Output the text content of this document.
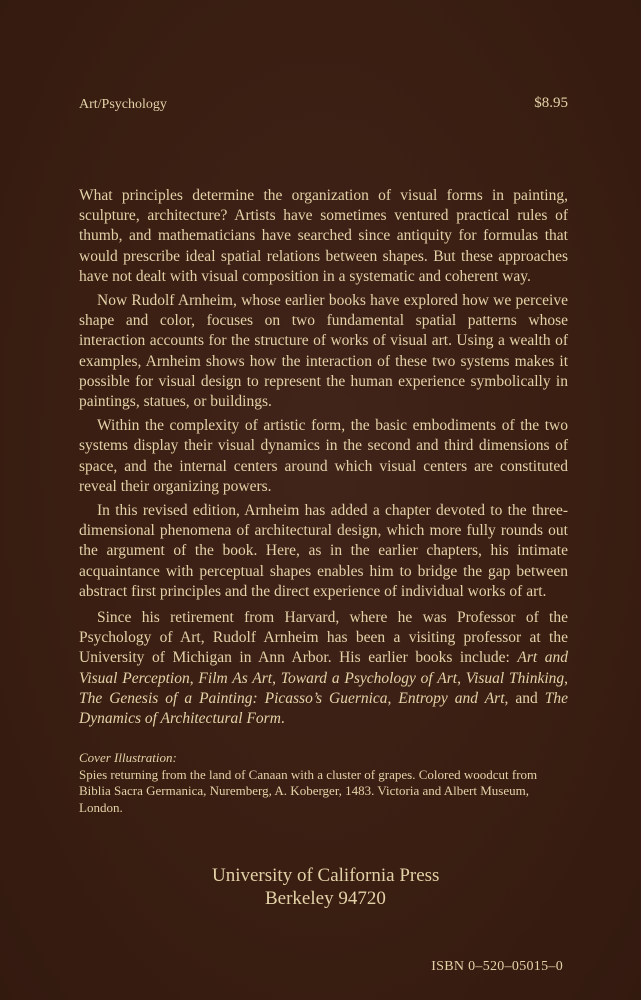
Art/Psychology	$8.95

What principles determine the organization of visual forms in painting, sculpture, architecture? Artists have sometimes ventured practical rules of thumb, and mathematicians have searched since antiquity for formulas that would prescribe ideal spatial relations between shapes. But these approaches have not dealt with visual composition in a systematic and coherent way.

Now Rudolf Arnheim, whose earlier books have explored how we perceive shape and color, focuses on two fundamental spatial patterns whose interaction accounts for the structure of works of visual art. Using a wealth of examples, Arnheim shows how the interaction of these two systems makes it possible for visual design to represent the human experience symbolically in paintings, statues, or buildings.

Within the complexity of artistic form, the basic embodiments of the two systems display their visual dynamics in the second and third dimensions of space, and the internal centers around which visual centers are constituted reveal their organizing powers.

In this revised edition, Arnheim has added a chapter devoted to the three-dimensional phenomena of architectural design, which more fully rounds out the argument of the book. Here, as in the earlier chapters, his intimate acquaintance with perceptual shapes enables him to bridge the gap between abstract first principles and the direct experience of individual works of art.

Since his retirement from Harvard, where he was Professor of the Psychology of Art, Rudolf Arnheim has been a visiting professor at the University of Michigan in Ann Arbor. His earlier books include: Art and Visual Perception, Film As Art, Toward a Psychology of Art, Visual Thinking, The Genesis of a Painting: Picasso’s Guernica, Entropy and Art, and The Dynamics of Architectural Form.

Cover Illustration:
Spies returning from the land of Canaan with a cluster of grapes. Colored woodcut from Biblia Sacra Germanica, Nuremberg, A. Koberger, 1483. Victoria and Albert Museum, London.
University of California Press
Berkeley 94720
ISBN 0–520–05015–0
